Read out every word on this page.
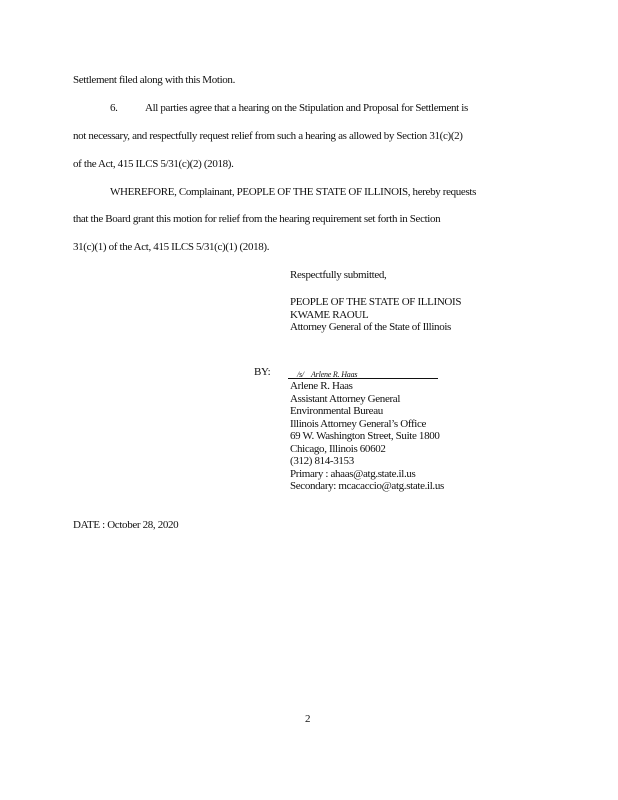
Settlement filed along with this Motion.
6. All parties agree that a hearing on the Stipulation and Proposal for Settlement is
not necessary, and respectfully request relief from such a hearing as allowed by Section 31(c)(2)
of the Act, 415 ILCS 5/31(c)(2) (2018).
WHEREFORE, Complainant, PEOPLE OF THE STATE OF ILLINOIS, hereby requests
that the Board grant this motion for relief from the hearing requirement set forth in Section
31(c)(1) of the Act, 415 ILCS 5/31(c)(1) (2018).
Respectfully submitted,
PEOPLE OF THE STATE OF ILLINOIS
KWAME RAOUL
Attorney General of the State of Illinois
BY:	/s/ Arlene R. Haas
Arlene R. Haas
Assistant Attorney General
Environmental Bureau
Illinois Attorney General’s Office
69 W. Washington Street, Suite 1800
Chicago, Illinois 60602
(312) 814-3153
Primary : ahaas@atg.state.il.us
Secondary: mcacaccio@atg.state.il.us
DATE : October 28, 2020
2
